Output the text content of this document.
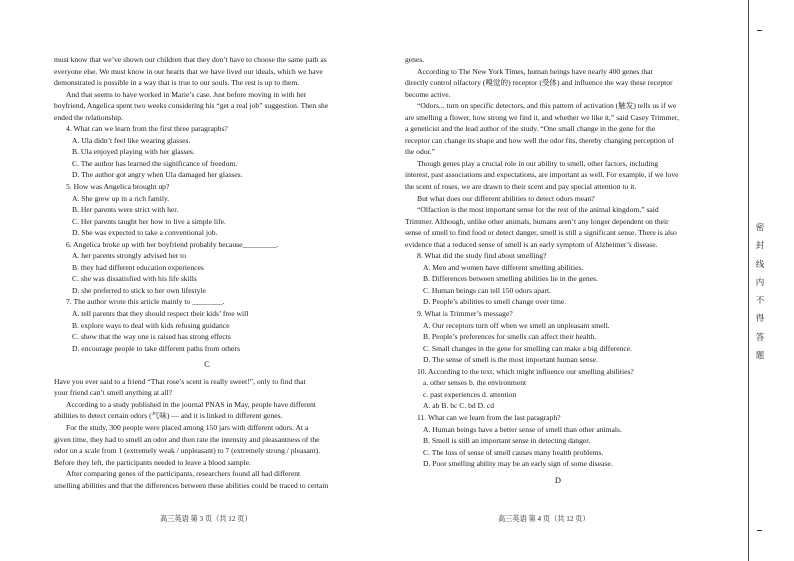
must know that we’ve shown our children that they don’t have to choose the same path as

everyone else. We must know in our hearts that we have lived our ideals, which we have

demonstrated is possible in a way that is true to our souls. The rest is up to them.

And that seems to have worked in Marie’s case. Just before moving in with her

boyfriend, Angelica spent two weeks considering his “get a real job” suggestion. Then she

ended the relationship.

4. What can we learn from the first three paragraphs?

A. Ula didn’t feel like wearing glasses.

B. Ula enjoyed playing with her glasses.

C. The author has learned the significance of freedom.

D. The author got angry when Ula damaged her glasses.

5. How was Angelica brought up?

A. She grew up in a rich family.

B. Her parents were strict with her.

C. Her parents taught her how to live a simple life.

D. She was expected to take a conventional job.

6. Angelica broke up with her boyfriend probably because_________.

A. her parents strongly advised her to

B. they had different education experiences

C. she was dissatisfied with his life skills

D. she preferred to stick to her own lifestyle

7. The author wrote this article mainly to ________.

A. tell parents that they should respect their kids’ free will

B. explore ways to deal with kids refusing guidance

C. show that the way one is raised has strong effects

D. encourage people to take different paths from others

C

Have you ever said to a friend “That rose’s scent is really sweet!”, only to find that

your friend can’t smell anything at all?

According to a study published in the journal PNAS in May, people have different

abilities to detect certain odors (气味) — and it is linked to different genes.

For the study, 300 people were placed among 150 jars with different odors. At a

given time, they had to smell an odor and then rate the intensity and pleasantness of the

odor on a scale from 1 (extremely weak / unpleasant) to 7 (extremely strong / pleasant).

Before they left, the participants needed to leave a blood sample.

After comparing genes of the participants, researchers found all had different

smelling abilities and that the differences between these abilities could be traced to certain

genes.

According to The New York Times, human beings have nearly 400 genes that

directly control olfactory (嗅觉的) receptor (受体) and influence the way these receptor

become active.

“Odors... turn on specific detectors, and this pattern of activation (触发) tells us if we

are smelling a flower, how strong we find it, and whether we like it,” said Casey Trimmer,

a geneticist and the lead author of the study. “One small change in the gene for the

receptor can change its shape and how well the odor fits, thereby changing perception of

the odor.”

Though genes play a crucial role in our ability to smell, other factors, including

interest, past associations and expectations, are important as well. For example, if we love

the scent of roses, we are drawn to their scent and pay special attention to it.

But what does our different abilities to detect odors mean?

“Olfaction is the most important sense for the rest of the animal kingdom,” said

Trimmer. Although, unlike other animals, humans aren’t any longer dependent on their

sense of smell to find food or detect danger, smell is still a significant sense. There is also

evidence that a reduced sense of smell is an early symptom of Alzheimer’s disease.

8. What did the study find about smelling?

A. Men and women have different smelling abilities.

B. Differences between smelling abilities lie in the genes.

C. Human beings can tell 150 odors apart.

D. People’s abilities to smell change over time.

9. What is Trimmer’s message?

A. Our receptors turn off when we smell an unpleasant smell.

B. People’s preferences for smells can affect their health.

C. Small changes in the gene for smelling can make a big difference.

D. The sense of smell is the most important human sense.

10. According to the text, which might influence our smelling abilities?

a. other senses b. the environment

c. past experiences d. attention

A. ab B. bc C. bd D. cd

11. What can we learn from the last paragraph?

A. Human beings have a better sense of smell than other animals.

B. Smell is still an important sense in detecting danger.

C. The loss of sense of smell causes many health problems.

D. Poor smelling ability may be an early sign of some disease.

D

高三英语 第 3 页（共 12 页）	高三英语 第 4 页（共 12 页）
密封线内不得答题
